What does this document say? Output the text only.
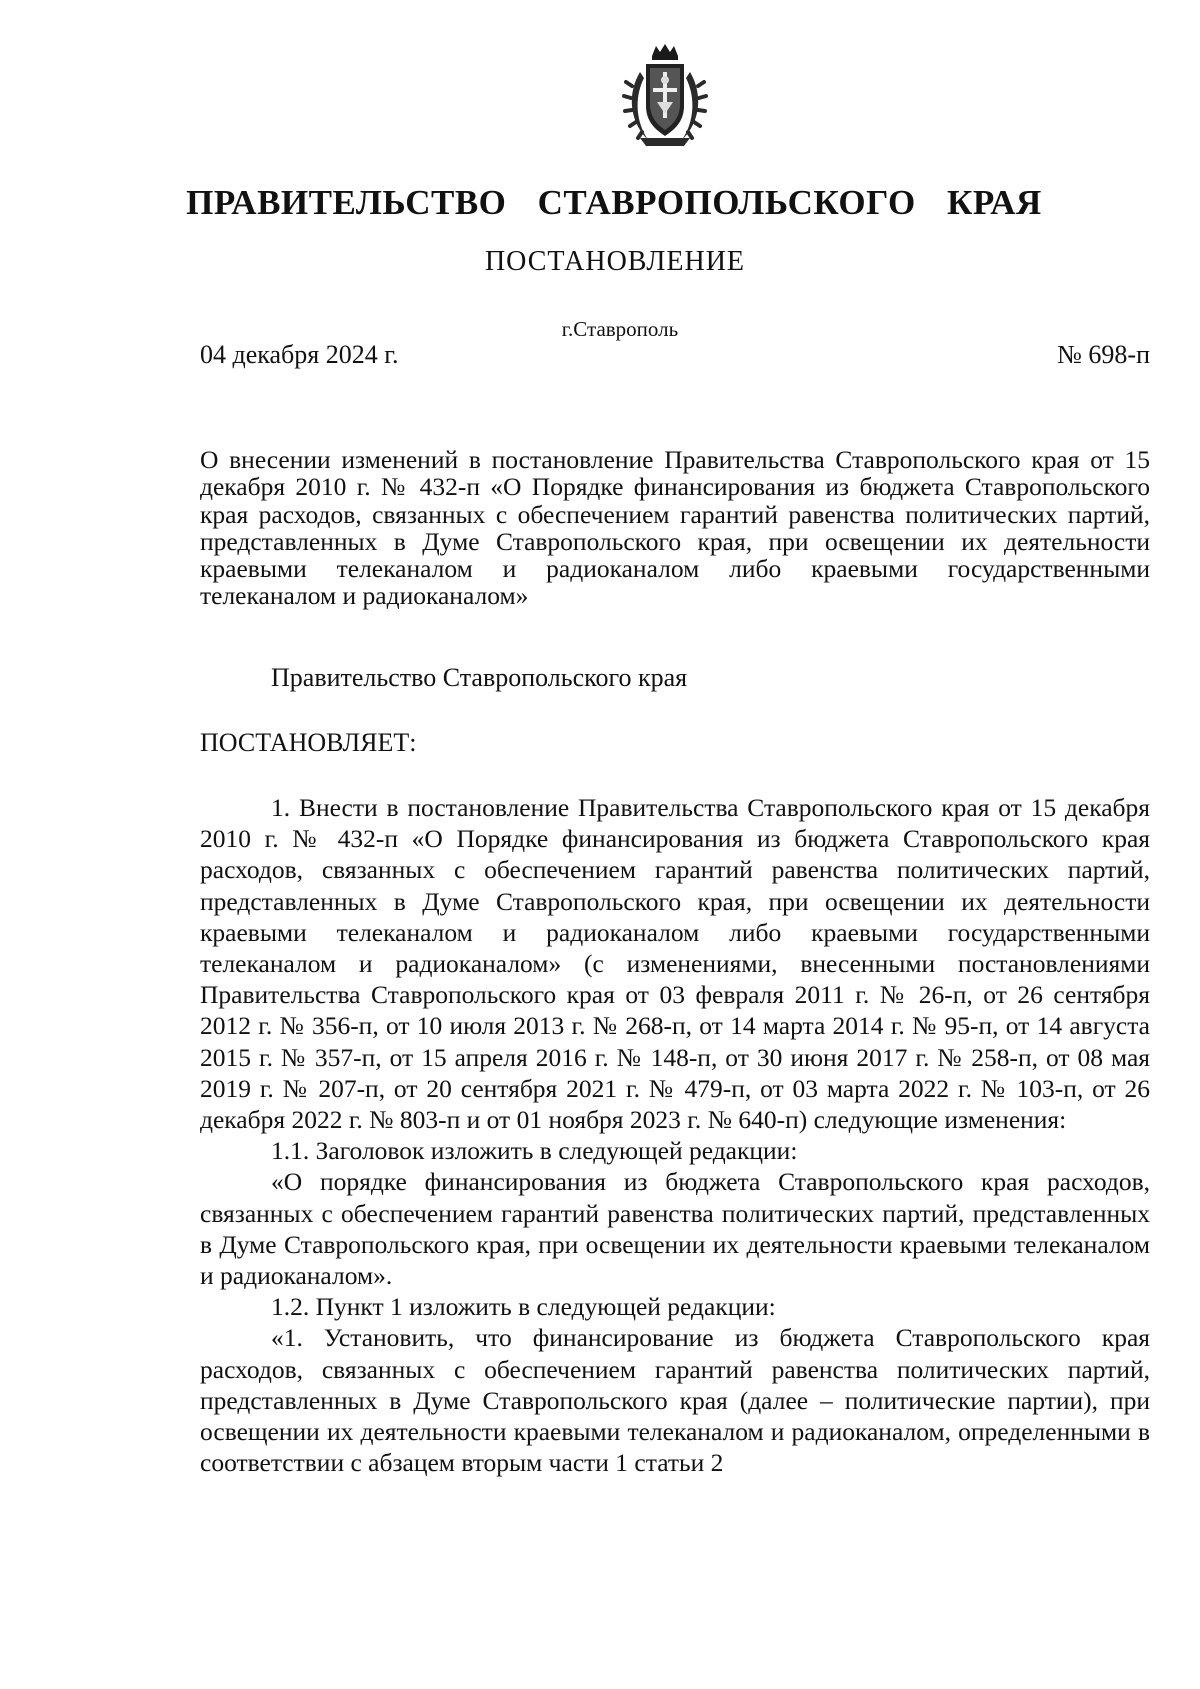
ПРАВИТЕЛЬСТВО СТАВРОПОЛЬСКОГО КРАЯ
ПОСТАНОВЛЕНИЕ
г.Ставрополь
04 декабря 2024 г.	№ 698-п
О внесении изменений в постановление Правительства Ставропольского края от 15 декабря 2010 г. № 432-п «О Порядке финансирования из бюджета Ставропольского края расходов, связанных с обеспечением гарантий равенства политических партий, представленных в Думе Ставропольского края, при освещении их деятельности краевыми телеканалом и радиоканалом либо краевыми государственными телеканалом и радиоканалом»
Правительство Ставропольского края
ПОСТАНОВЛЯЕТ:

1. Внести в постановление Правительства Ставропольского края от 15 декабря 2010 г. № 432-п «О Порядке финансирования из бюджета Ставропольского края расходов, связанных с обеспечением гарантий равенства политических партий, представленных в Думе Ставропольского края, при освещении их деятельности краевыми телеканалом и радиоканалом либо краевыми государственными телеканалом и радиоканалом» (с изменениями, внесенными постановлениями Правительства Ставропольского края от 03 февраля 2011 г. № 26-п, от 26 сентября 2012 г. № 356-п, от 10 июля 2013 г. № 268-п, от 14 марта 2014 г. № 95-п, от 14 августа 2015 г. № 357-п, от 15 апреля 2016 г. № 148-п, от 30 июня 2017 г. № 258-п, от 08 мая 2019 г. № 207-п, от 20 сентября 2021 г. № 479-п, от 03 марта 2022 г. № 103-п, от 26 декабря 2022 г. № 803-п и от 01 ноября 2023 г. № 640-п) следующие изменения:

1.1. Заголовок изложить в следующей редакции:

«О порядке финансирования из бюджета Ставропольского края расходов, связанных с обеспечением гарантий равенства политических партий, представленных в Думе Ставропольского края, при освещении их деятельности краевыми телеканалом и радиоканалом».

1.2. Пункт 1 изложить в следующей редакции:

«1. Установить, что финансирование из бюджета Ставропольского края расходов, связанных с обеспечением гарантий равенства политических партий, представленных в Думе Ставропольского края (далее – политические партии), при освещении их деятельности краевыми телеканалом и радиоканалом, определенными в соответствии с абзацем вторым части 1 статьи 2
